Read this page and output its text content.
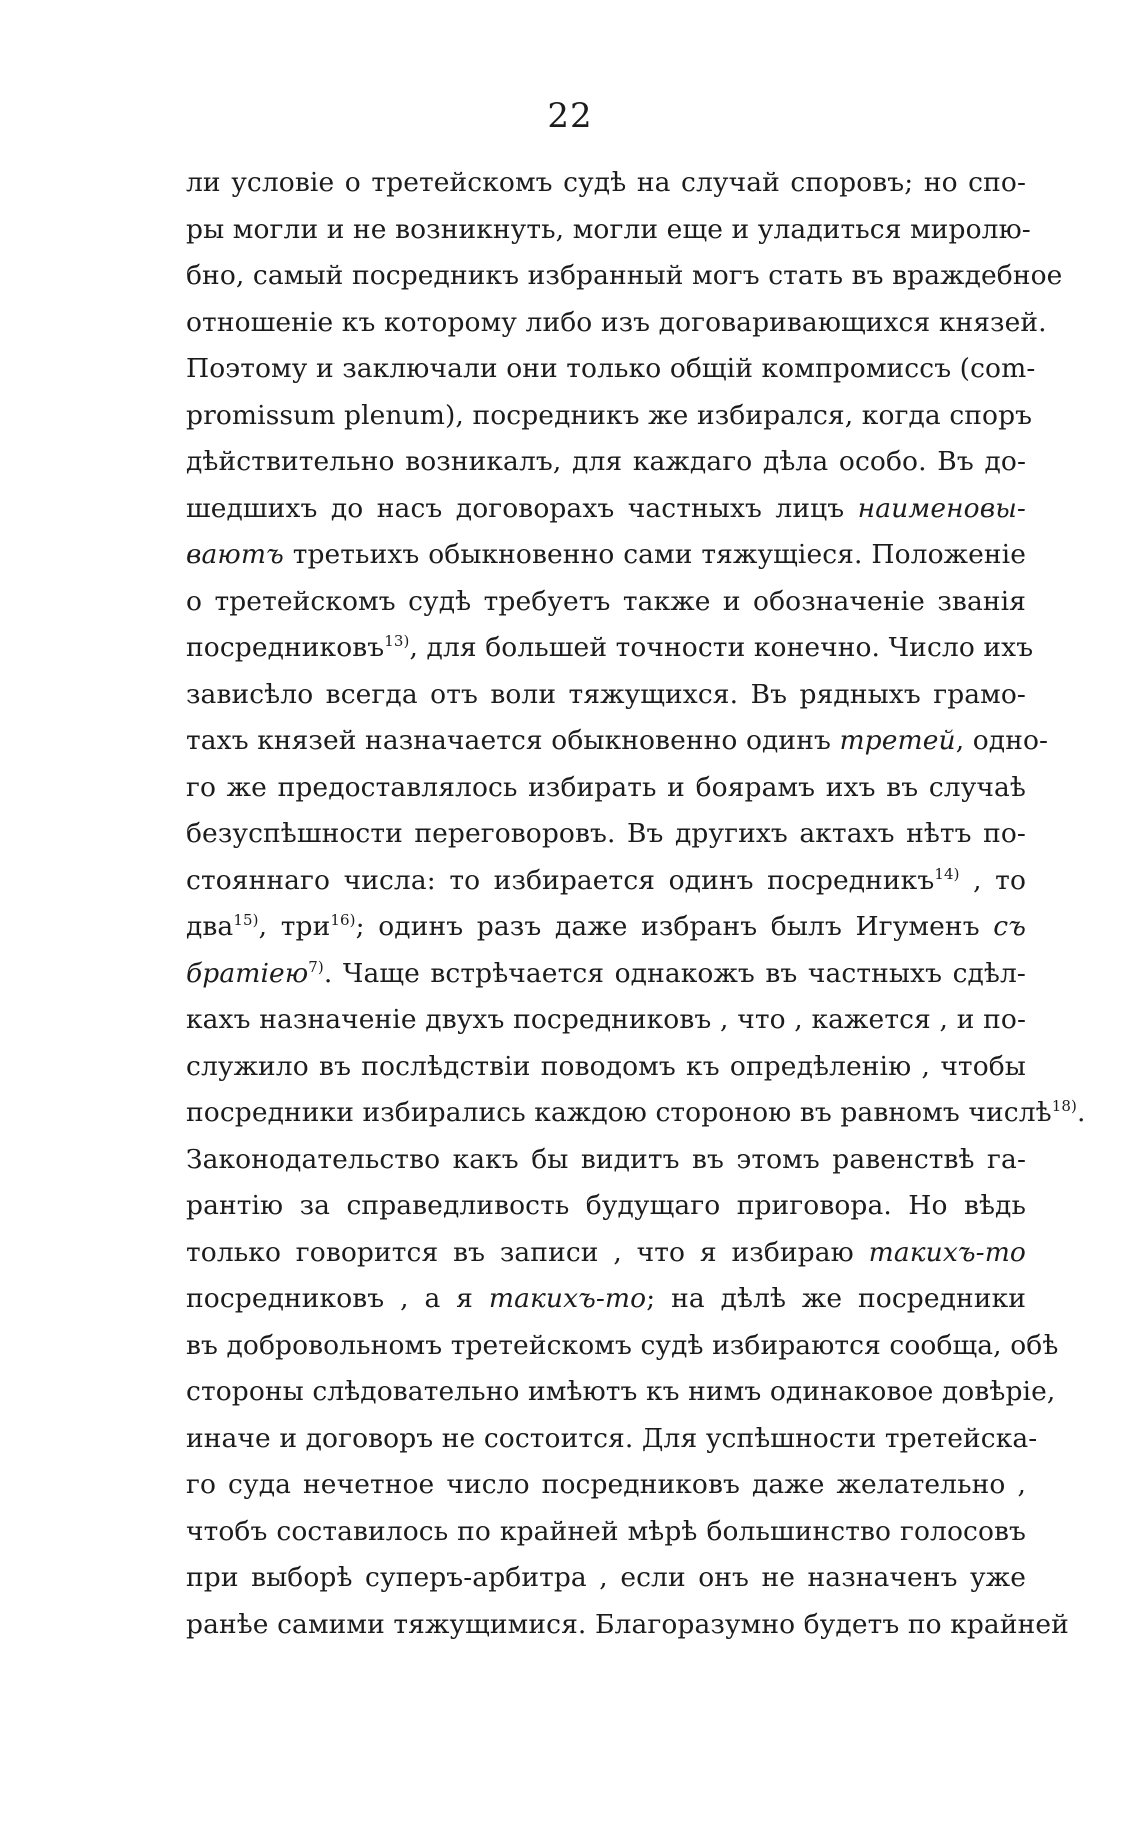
22
ли условіе о третейскомъ судѣ на случай споровъ; но спо-
ры могли и не возникнуть, могли еще и уладиться миролю-
бно, самый посредникъ избранный могъ стать въ враждебное
отношеніе къ которому либо изъ договаривающихся князей.
Поэтому и заключали они только общій компромиссъ (com-
promissum plenum), посредникъ же избирался, когда споръ
дѣйствительно возникалъ, для каждаго дѣла особо. Въ до-
шедшихъ до насъ договорахъ частныхъ лицъ наименовы-
ваютъ третьихъ обыкновенно сами тяжущіеся. Положеніе
о третейскомъ судѣ требуетъ также и обозначеніе званія
посредниковъ$^{13)}$, для большей точности конечно. Число ихъ
зависѣло всегда отъ воли тяжущихся. Въ рядныхъ грамо-
тахъ князей назначается обыкновенно одинъ третей, одно-
го же предоставлялось избирать и боярамъ ихъ въ случаѣ
безуспѣшности переговоровъ. Въ другихъ актахъ нѣтъ по-
стояннаго числа: то избирается одинъ посредникъ$^{14)}$ , то
два$^{15)}$, три$^{16)}$; одинъ разъ даже избранъ былъ Игуменъ съ
братіею$^{7)}$. Чаще встрѣчается однакожъ въ частныхъ сдѣл-
кахъ назначеніе двухъ посредниковъ , что , кажется , и по-
служило въ послѣдствіи поводомъ къ опредѣленію , чтобы
посредники избирались каждою стороною въ равномъ числѣ$^{18)}$.
Законодательство какъ бы видитъ въ этомъ равенствѣ га-
рантію за справедливость будущаго приговора. Но вѣдь
только говорится въ записи , что я избираю такихъ-то
посредниковъ , а я такихъ-то; на дѣлѣ же посредники
въ добровольномъ третейскомъ судѣ избираются сообща, обѣ
стороны слѣдовательно имѣютъ къ нимъ одинаковое довѣріе,
иначе и договоръ не состоится. Для успѣшности третейска-
го суда нечетное число посредниковъ даже желательно ,
чтобъ составилось по крайней мѣрѣ большинство голосовъ
при выборѣ суперъ-арбитра , если онъ не назначенъ уже
ранѣе самими тяжущимися. Благоразумно будетъ по крайней
